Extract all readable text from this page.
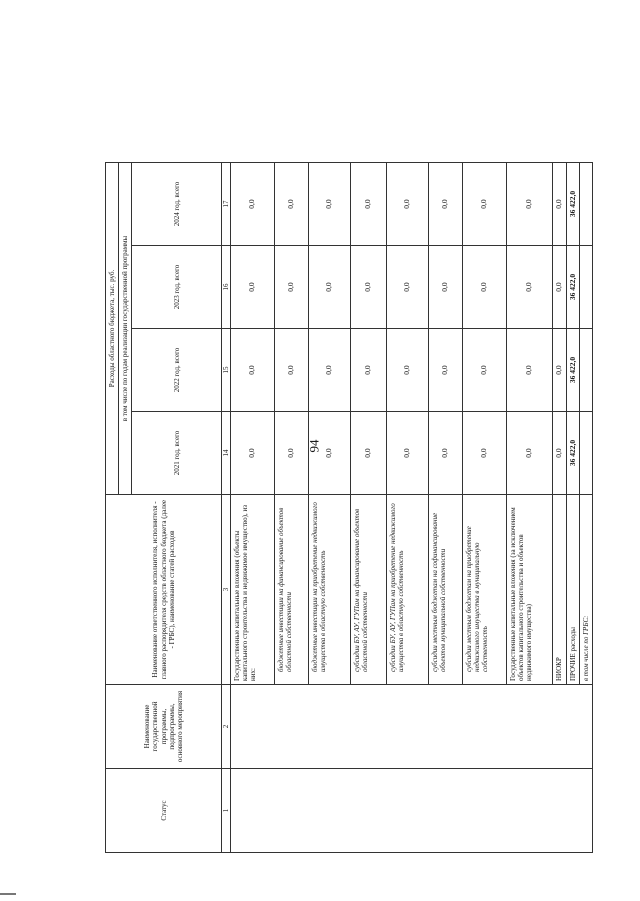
94
Статус	Наименование государственной программы, подпрограммы, основного мероприятия	Наименование ответственного исполнителя, исполнителя - главного распорядителя средств областного бюджета (далее - ГРБС), наименование статей расходов	Расходы областного бюджета, тыс. руб.			
			в том числе по годам реализации государственной программы			
			2021 год, всего	2022 год, всего	2023 год, всего	2024 год, всего
1	2	3	14	15	16	17
		Государственные капитальные вложения (объекты капитального строительства и недвижимое имущество), из них:	0,0	0,0	0,0	0,0
		бюджетные инвестиции на финансирование объектов областной собственности	0,0	0,0	0,0	0,0
		бюджетные инвестиции на приобретение недвижимого имущества в областную собственность	0,0	0,0	0,0	0,0
		субсидии БУ, АУ, ГУПам на финансирование объектов областной собственности	0,0	0,0	0,0	0,0
		субсидии БУ, АУ, ГУПам на приобретение недвижимого имущества в областную собственность	0,0	0,0	0,0	0,0
		субсидии местным бюджетам на софинансирование объектов муниципальной собственности	0,0	0,0	0,0	0,0
		субсидии местным бюджетам на приобретение недвижимого имущества в муниципальную собственность	0,0	0,0	0,0	0,0
		Государственные капитальные вложения (за исключением объектов капитального строительства и объектов недвижимого имущества)	0,0	0,0	0,0	0,0
		НИОКР	0,0	0,0	0,0	0,0
		ПРОЧИЕ расходы	36 422,0	36 422,0	36 422,0	36 422,0
		в том числе по ГРБС:				
